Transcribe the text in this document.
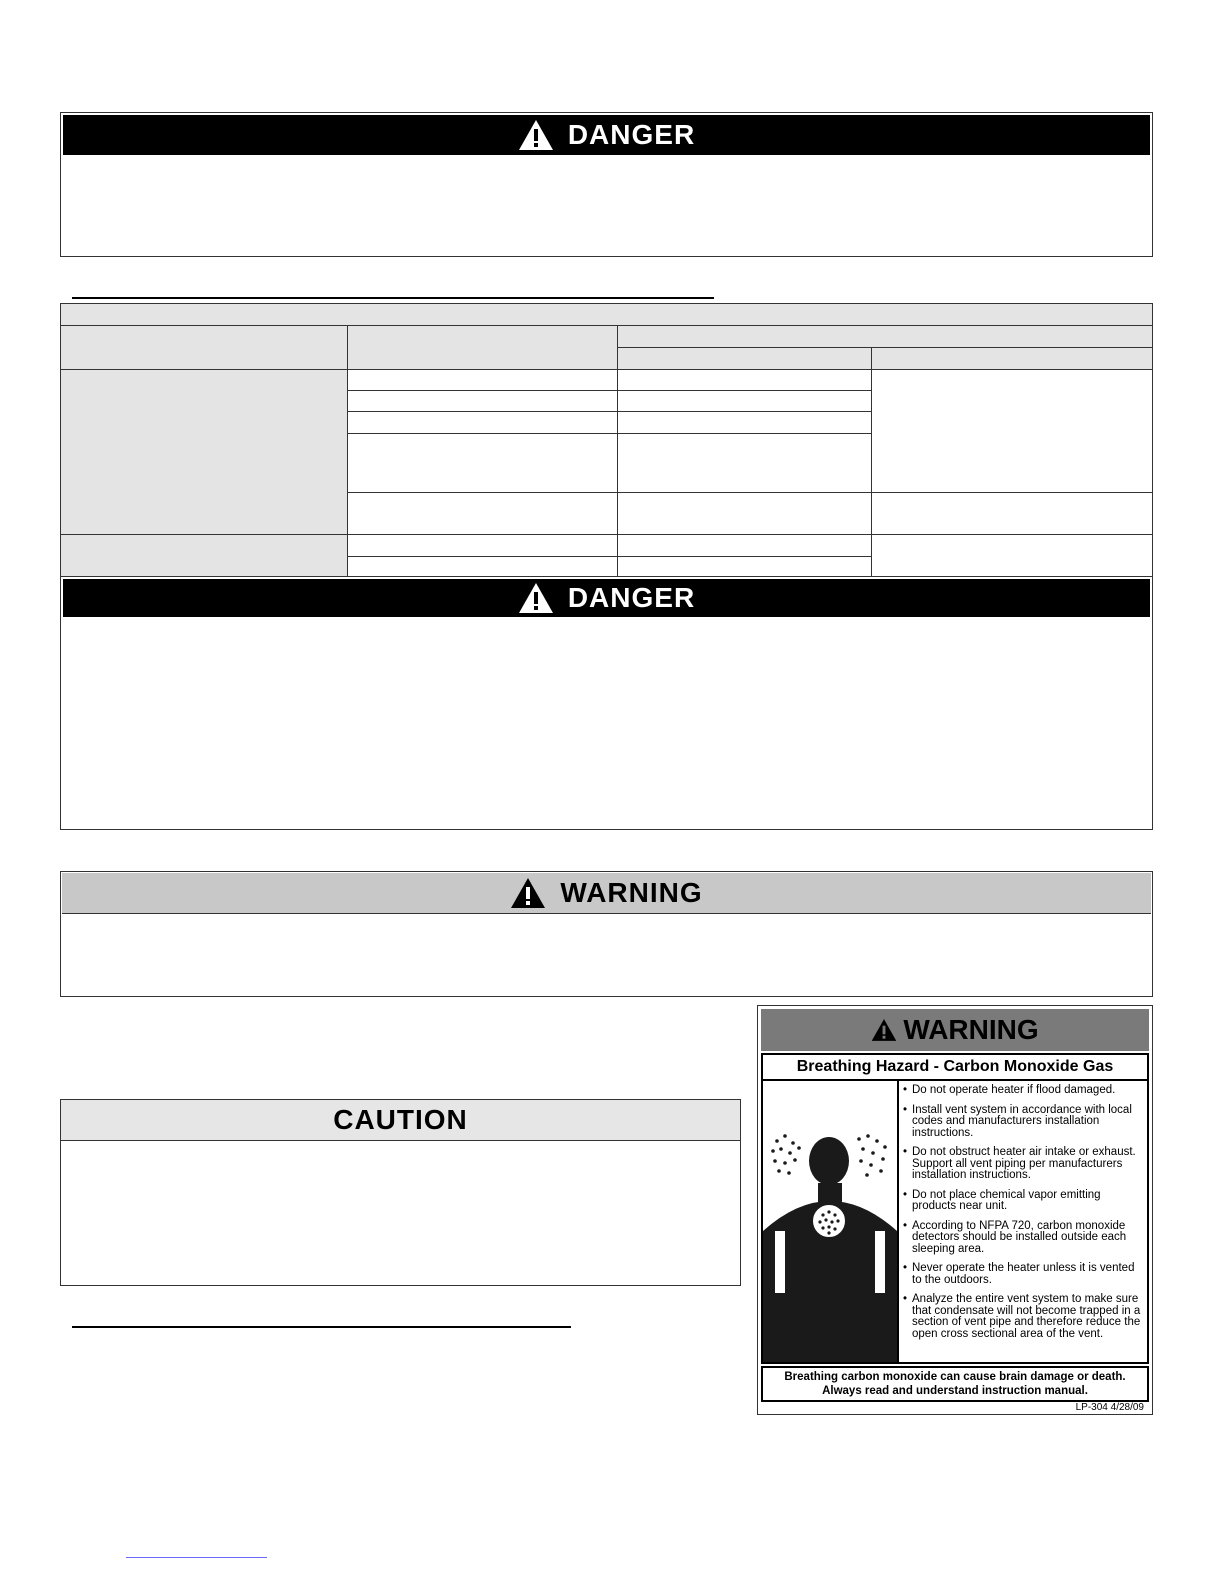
DANGER
DANGER
WARNING
CAUTION
WARNING
Breathing Hazard - Carbon Monoxide Gas
• Do not operate heater if flood damaged.
• Install vent system in accordance with local codes and manufacturers installation instructions.
• Do not obstruct heater air intake or exhaust. Support all vent piping per manufacturers installation instructions.
• Do not place chemical vapor emitting products near unit.
• According to NFPA 720, carbon monoxide detectors should be installed outside each sleeping area.
• Never operate the heater unless it is vented to the outdoors.
• Analyze the entire vent system to make sure that condensate will not become trapped in a section of vent pipe and therefore reduce the open cross sectional area of the vent.
Breathing carbon monoxide can cause brain damage or death.
Always read and understand instruction manual.
LP-304 4/28/09
